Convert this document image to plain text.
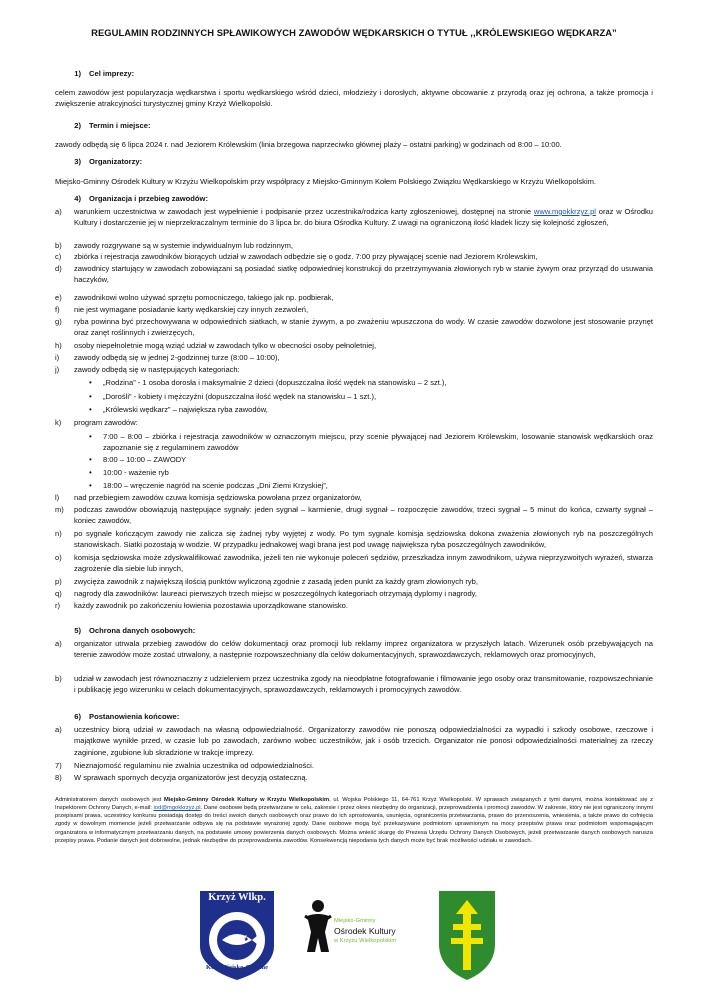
REGULAMIN RODZINNYCH SPŁAWIKOWYCH ZAWODÓW WĘDKARSKICH O TYTUŁ ,,KRÓLEWSKIEGO WĘDKARZA”
1) Cel imprezy:
celem zawodów jest popularyzacja wędkarstwa i sportu wędkarskiego wśród dzieci, młodzieży i dorosłych, aktywne obcowanie z przyrodą oraz jej ochrona, a także promocja i zwiększenie atrakcyjności turystycznej gminy Krzyż Wielkopolski.
2) Termin i miejsce:
zawody odbędą się 6 lipca 2024 r. nad Jeziorem Królewskim (linia brzegowa naprzeciwko głównej plaży – ostatni parking) w godzinach od 8:00 – 10:00.
3) Organizatorzy:
Miejsko-Gminny Ośrodek Kultury w Krzyżu Wielkopolskim przy współpracy z Miejsko-Gminnym Kołem Polskiego Związku Wędkarskiego w Krzyżu Wielkopolskim.
4) Organizacja i przebieg zawodów:
a)	warunkiem uczestnictwa w zawodach jest wypełnienie i podpisanie przez uczestnika/rodzica karty zgłoszeniowej, dostępnej na stronie www.mgokkrzyz.pl oraz w Ośrodku Kultury i dostarczenie jej w nieprzekraczalnym terminie do 3 lipca br. do biura Ośrodka Kultury. Z uwagi na ograniczoną ilość kładek liczy się kolejność zgłoszeń,
b)	zawody rozgrywane są w systemie indywidualnym lub rodzinnym,
c)	zbiórka i rejestracja zawodników biorących udział w zawodach odbędzie się o godz. 7:00 przy pływającej scenie nad Jeziorem Królewskim,
d)	zawodnicy startujący w zawodach zobowiązani są posiadać siatkę odpowiedniej konstrukcji do przetrzymywania złowionych ryb w stanie żywym oraz przyrząd do usuwania haczyków,
e)	zawodnikowi wolno używać sprzętu pomocniczego, takiego jak np. podbierak,
f)	nie jest wymagane posiadanie karty wędkarskiej czy innych zezwoleń,
g)	ryba powinna być przechowywana w odpowiednich siatkach, w stanie żywym, a po zważeniu wpuszczona do wody. W czasie zawodów dozwolone jest stosowanie przynęt oraz zanęt roślinnych i zwierzęcych,
h)	osoby niepełnoletnie mogą wziąć udział w zawodach tylko w obecności osoby pełnoletniej,
i)	zawody odbędą się w jednej 2-godzinnej turze (8:00 – 10:00),
j)	zawody odbędą się w następujących kategoriach:
• „Rodzina” - 1 osoba dorosła i maksymalnie 2 dzieci (dopuszczalna ilość wędek na stanowisku – 2 szt.),
• „Dorośli” - kobiety i mężczyźni (dopuszczalna ilość wędek na stanowisku – 1 szt.),
• „Królewski wędkarz” – największa ryba zawodów,
k)	program zawodów:
• 7:00 – 8:00 – zbiórka i rejestracja zawodników w oznaczonym miejscu, przy scenie pływającej nad Jeziorem Królewskim, losowanie stanowisk wędkarskich oraz zapoznanie się z regulaminem zawodów
• 8:00 – 10:00 – ZAWODY
• 10:00 - ważenie ryb
• 18:00 – wręczenie nagród na scenie podczas „Dni Ziemi Krzyskiej”,
l)	nad przebiegiem zawodów czuwa komisja sędziowska powołana przez organizatorów,
m)	podczas zawodów obowiązują następujące sygnały: jeden sygnał – karmienie, drugi sygnał – rozpoczęcie zawodów, trzeci sygnał – 5 minut do końca, czwarty sygnał – koniec zawodów,
n)	po sygnale kończącym zawody nie zalicza się żadnej ryby wyjętej z wody. Po tym sygnale komisja sędziowska dokona zważenia złowionych ryb na poszczególnych stanowiskach. Siatki pozostają w wodzie. W przypadku jednakowej wagi brana jest pod uwagę największa ryba poszczególnych zawodników,
o)	komisja sędziowska może zdyskwalifikować zawodnika, jeżeli ten nie wykonuje poleceń sędziów, przeszkadza innym zawodnikom, używa nieprzyzwoitych wyrażeń, stwarza zagrożenie dla siebie lub innych,
p)	zwycięża zawodnik z największą ilością punktów wyliczoną zgodnie z zasadą jeden punkt za każdy gram złowionych ryb,
q)	nagrody dla zawodników: laureaci pierwszych trzech miejsc w poszczególnych kategoriach otrzymają dyplomy i nagrody,
r)	każdy zawodnik po zakończeniu łowienia pozostawia uporządkowane stanowisko.
5) Ochrona danych osobowych:
a)	organizator utrwala przebieg zawodów do celów dokumentacji oraz promocji lub reklamy imprez organizatora w przyszłych latach. Wizerunek osób przebywających na terenie zawodów może zostać utrwalony, a następnie rozpowszechniany dla celów dokumentacyjnych, sprawozdawczych, reklamowych oraz promocyjnych,
b)	udział w zawodach jest równoznaczny z udzieleniem przez uczestnika zgody na nieodpłatne fotografowanie i filmowanie jego osoby oraz transmitowanie, rozpowszechnianie i publikację jego wizerunku w celach dokumentacyjnych, sprawozdawczych, reklamowych i promocyjnych zawodów.
6) Postanowienia końcowe:
a)	uczestnicy biorą udział w zawodach na własną odpowiedzialność. Organizatorzy zawodów nie ponoszą odpowiedzialności za wypadki i szkody osobowe, rzeczowe i majątkowe wynikłe przed, w czasie lub po zawodach, zarówno wobec uczestników, jak i osób trzecich. Organizator nie ponosi odpowiedzialności materialnej za rzeczy zaginione, zgubione lub skradzione w trakcje imprezy.
7)	Nieznajomość regulaminu nie zwalnia uczestnika od odpowiedzialności.
8)	W sprawach spornych decyzja organizatorów jest decyzją ostateczną.
Administratorem danych osobowych jest Miejsko-Gminny Ośrodek Kultury w Krzyżu Wielkopolskim, ul. Wojska Polskiego 11, 64-761 Krzyż Wielkopolski. W sprawach związanych z tymi danymi, można kontaktować się z Inspektorem Ochrony Danych, e-mail: iod@mgokkrzyz.pl. Dane osobowe będą przetwarzane w celu, zakresie i przez okres niezbędny do organizacji, przeprowadzenia i promocji zawodów. W zakresie, który nie jest ograniczony innymi przepisami prawa, uczestnicy konkursu posiadają dostęp do treści swoich danych osobowych oraz prawo do ich sprostowania, usunięcia, ograniczenia przetwarzania, prawo do przenoszenia, wniesienia, a także prawo do cofnięcia zgody w dowolnym momencie jeżeli przetwarzanie odbywa się na podstawie wyrażonej zgody. Dane osobowe mogą być przekazywane podmiotom uprawnionym na mocy przepisów prawa oraz podmiotom wspomagającym organizatora w informatycznym przetwarzaniu danych, na podstawie umowy powierzenia danych osobowych. Można wnieść skargę do Prezesa Urzędu Ochrony Danych Osobowych, jeżeli przetwarzanie danych osobowych narusza przepisy prawa. Podanie danych jest dobrowolne, jednak niezbędne do przeprowadzenia zawodów. Konsekwencją niepodania tych danych może być brak możliwości udziału w zawodach.
Krzyż Wlkp.
PZW
Koło Miejsko-Gminne
Miejsko-Gminny
Ośrodek Kultury
w Krzyżu Wielkopolskim
